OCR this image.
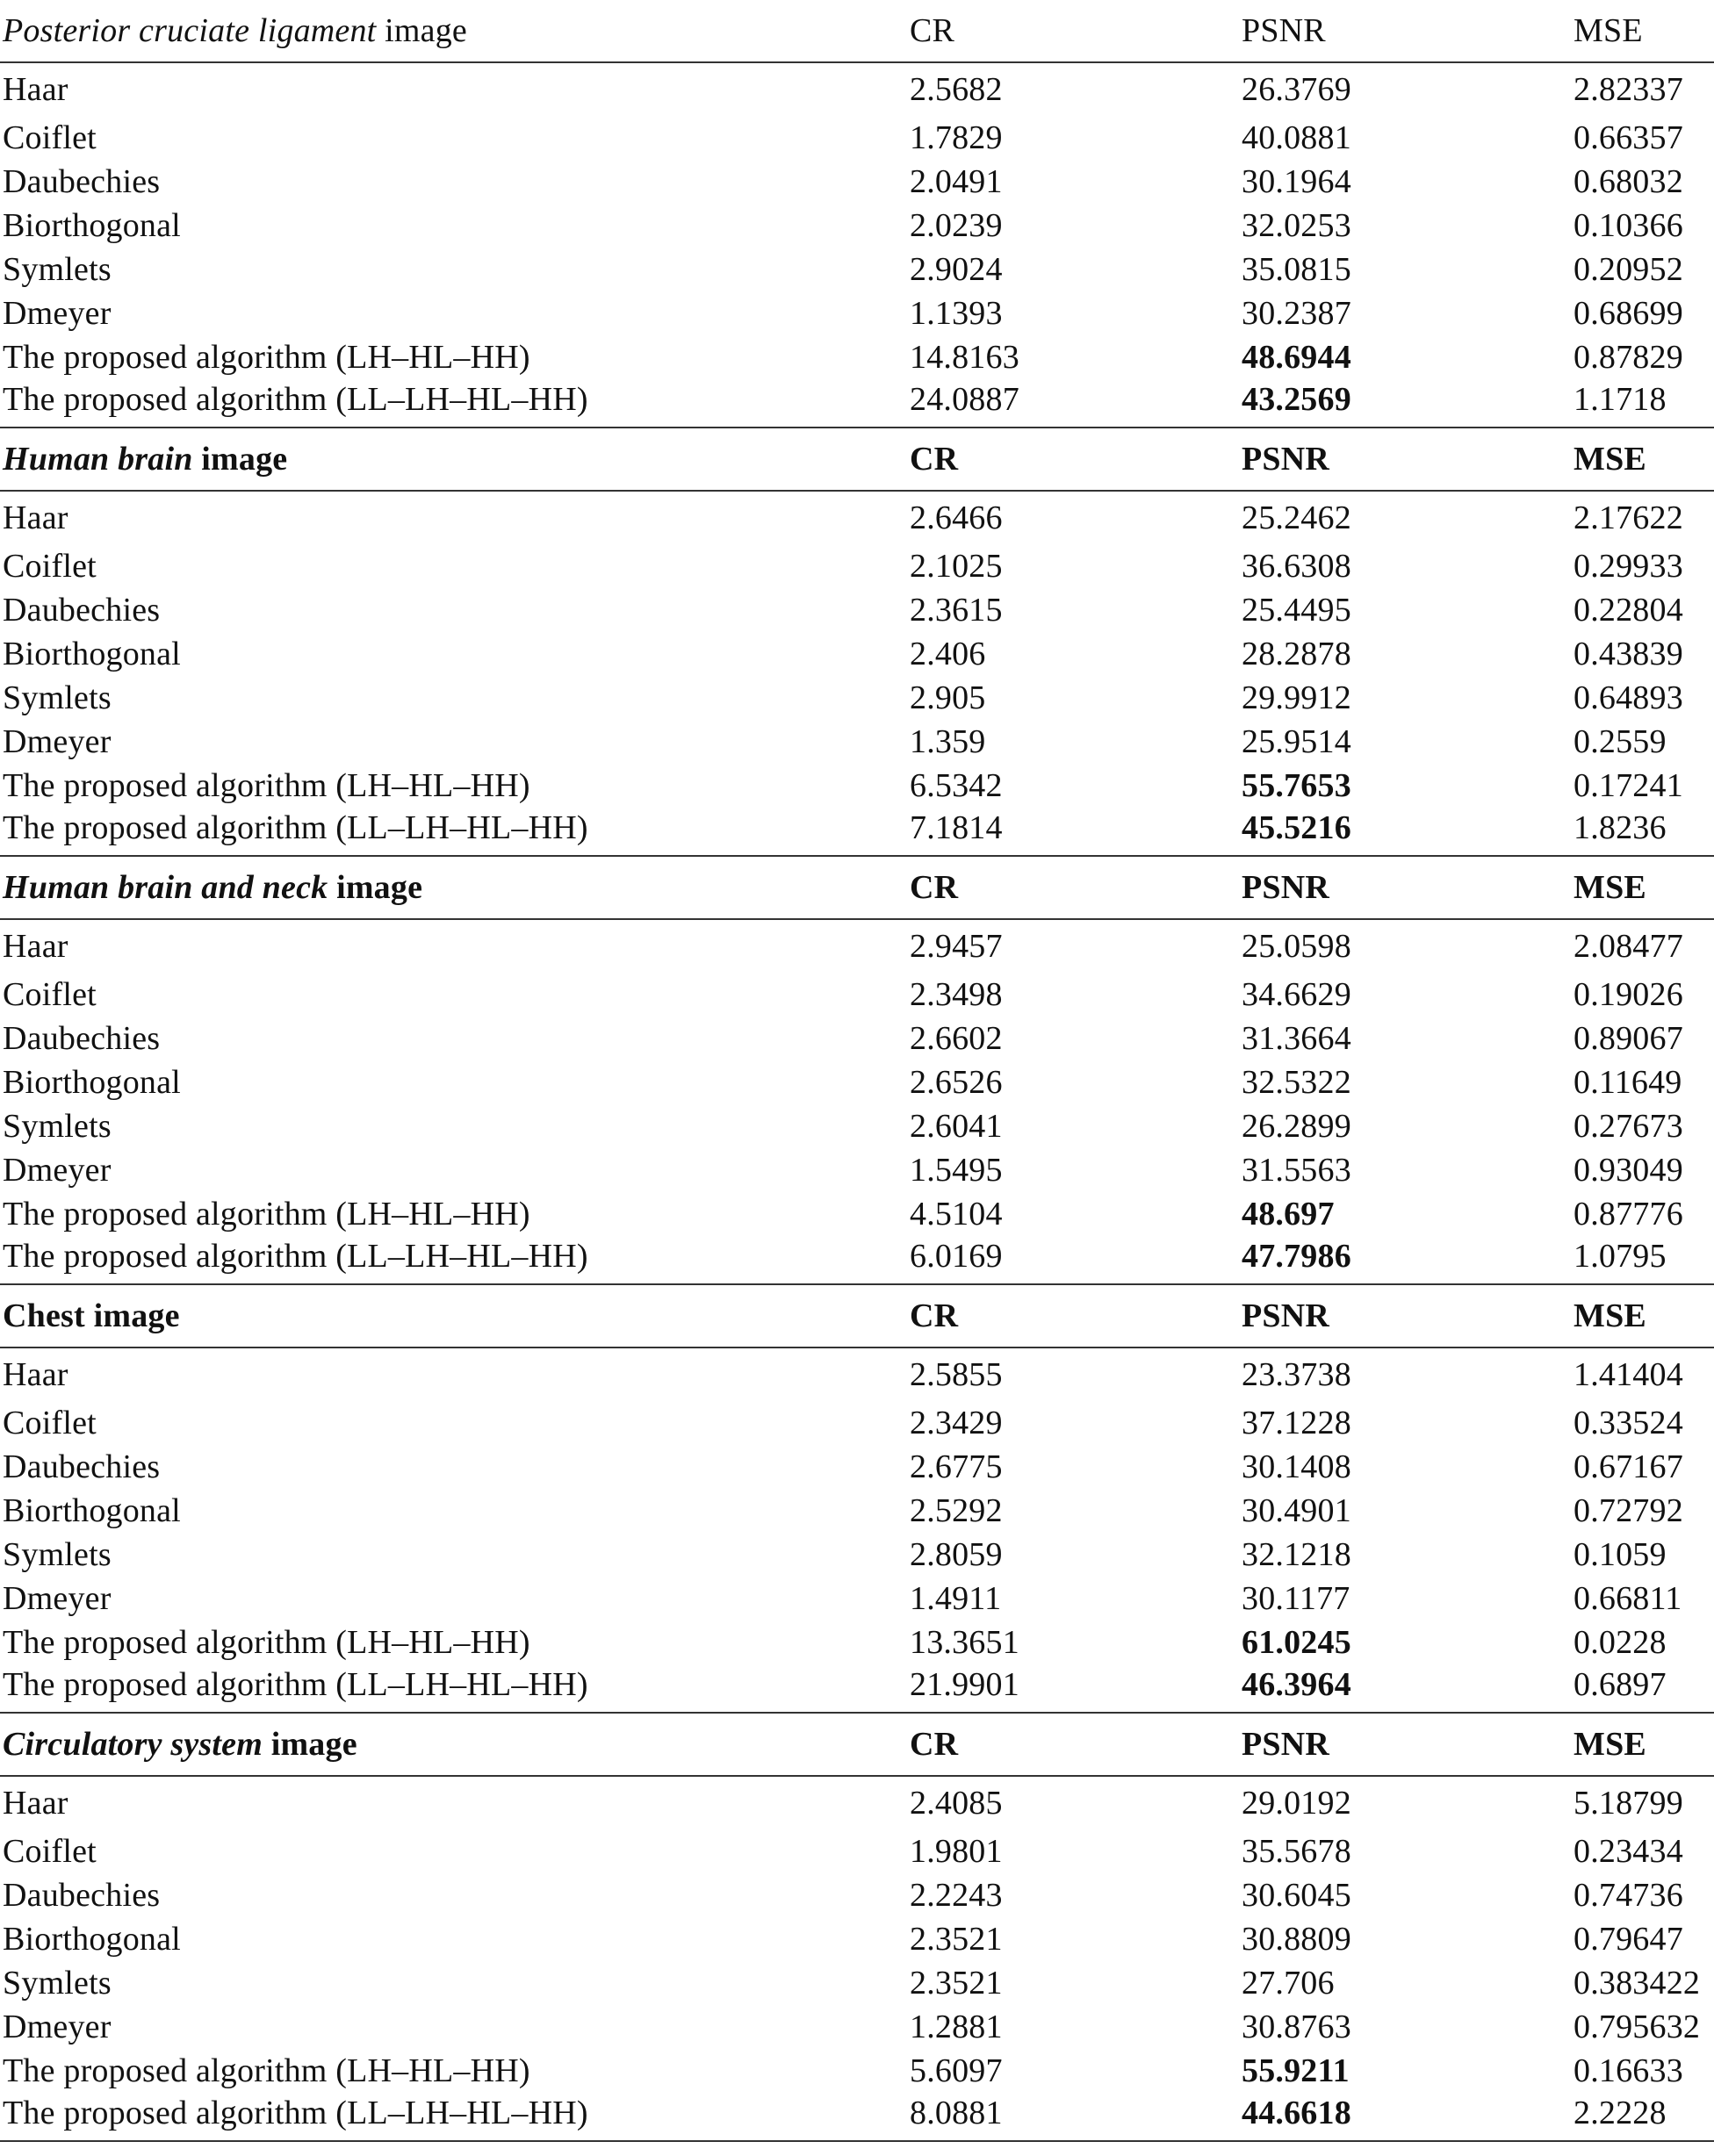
Posterior cruciate ligament image	CR	PSNR	MSE
Haar	2.5682	26.3769	2.82337
Coiflet	1.7829	40.0881	0.66357
Daubechies	2.0491	30.1964	0.68032
Biorthogonal	2.0239	32.0253	0.10366
Symlets	2.9024	35.0815	0.20952
Dmeyer	1.1393	30.2387	0.68699
The proposed algorithm (LH–HL–HH)	14.8163	48.6944	0.87829
The proposed algorithm (LL–LH–HL–HH)	24.0887	43.2569	1.1718
Human brain image	CR	PSNR	MSE
Haar	2.6466	25.2462	2.17622
Coiflet	2.1025	36.6308	0.29933
Daubechies	2.3615	25.4495	0.22804
Biorthogonal	2.406	28.2878	0.43839
Symlets	2.905	29.9912	0.64893
Dmeyer	1.359	25.9514	0.2559
The proposed algorithm (LH–HL–HH)	6.5342	55.7653	0.17241
The proposed algorithm (LL–LH–HL–HH)	7.1814	45.5216	1.8236
Human brain and neck image	CR	PSNR	MSE
Haar	2.9457	25.0598	2.08477
Coiflet	2.3498	34.6629	0.19026
Daubechies	2.6602	31.3664	0.89067
Biorthogonal	2.6526	32.5322	0.11649
Symlets	2.6041	26.2899	0.27673
Dmeyer	1.5495	31.5563	0.93049
The proposed algorithm (LH–HL–HH)	4.5104	48.697	0.87776
The proposed algorithm (LL–LH–HL–HH)	6.0169	47.7986	1.0795
Chest image	CR	PSNR	MSE
Haar	2.5855	23.3738	1.41404
Coiflet	2.3429	37.1228	0.33524
Daubechies	2.6775	30.1408	0.67167
Biorthogonal	2.5292	30.4901	0.72792
Symlets	2.8059	32.1218	0.1059
Dmeyer	1.4911	30.1177	0.66811
The proposed algorithm (LH–HL–HH)	13.3651	61.0245	0.0228
The proposed algorithm (LL–LH–HL–HH)	21.9901	46.3964	0.6897
Circulatory system image	CR	PSNR	MSE
Haar	2.4085	29.0192	5.18799
Coiflet	1.9801	35.5678	0.23434
Daubechies	2.2243	30.6045	0.74736
Biorthogonal	2.3521	30.8809	0.79647
Symlets	2.3521	27.706	0.383422
Dmeyer	1.2881	30.8763	0.795632
The proposed algorithm (LH–HL–HH)	5.6097	55.9211	0.16633
The proposed algorithm (LL–LH–HL–HH)	8.0881	44.6618	2.2228
